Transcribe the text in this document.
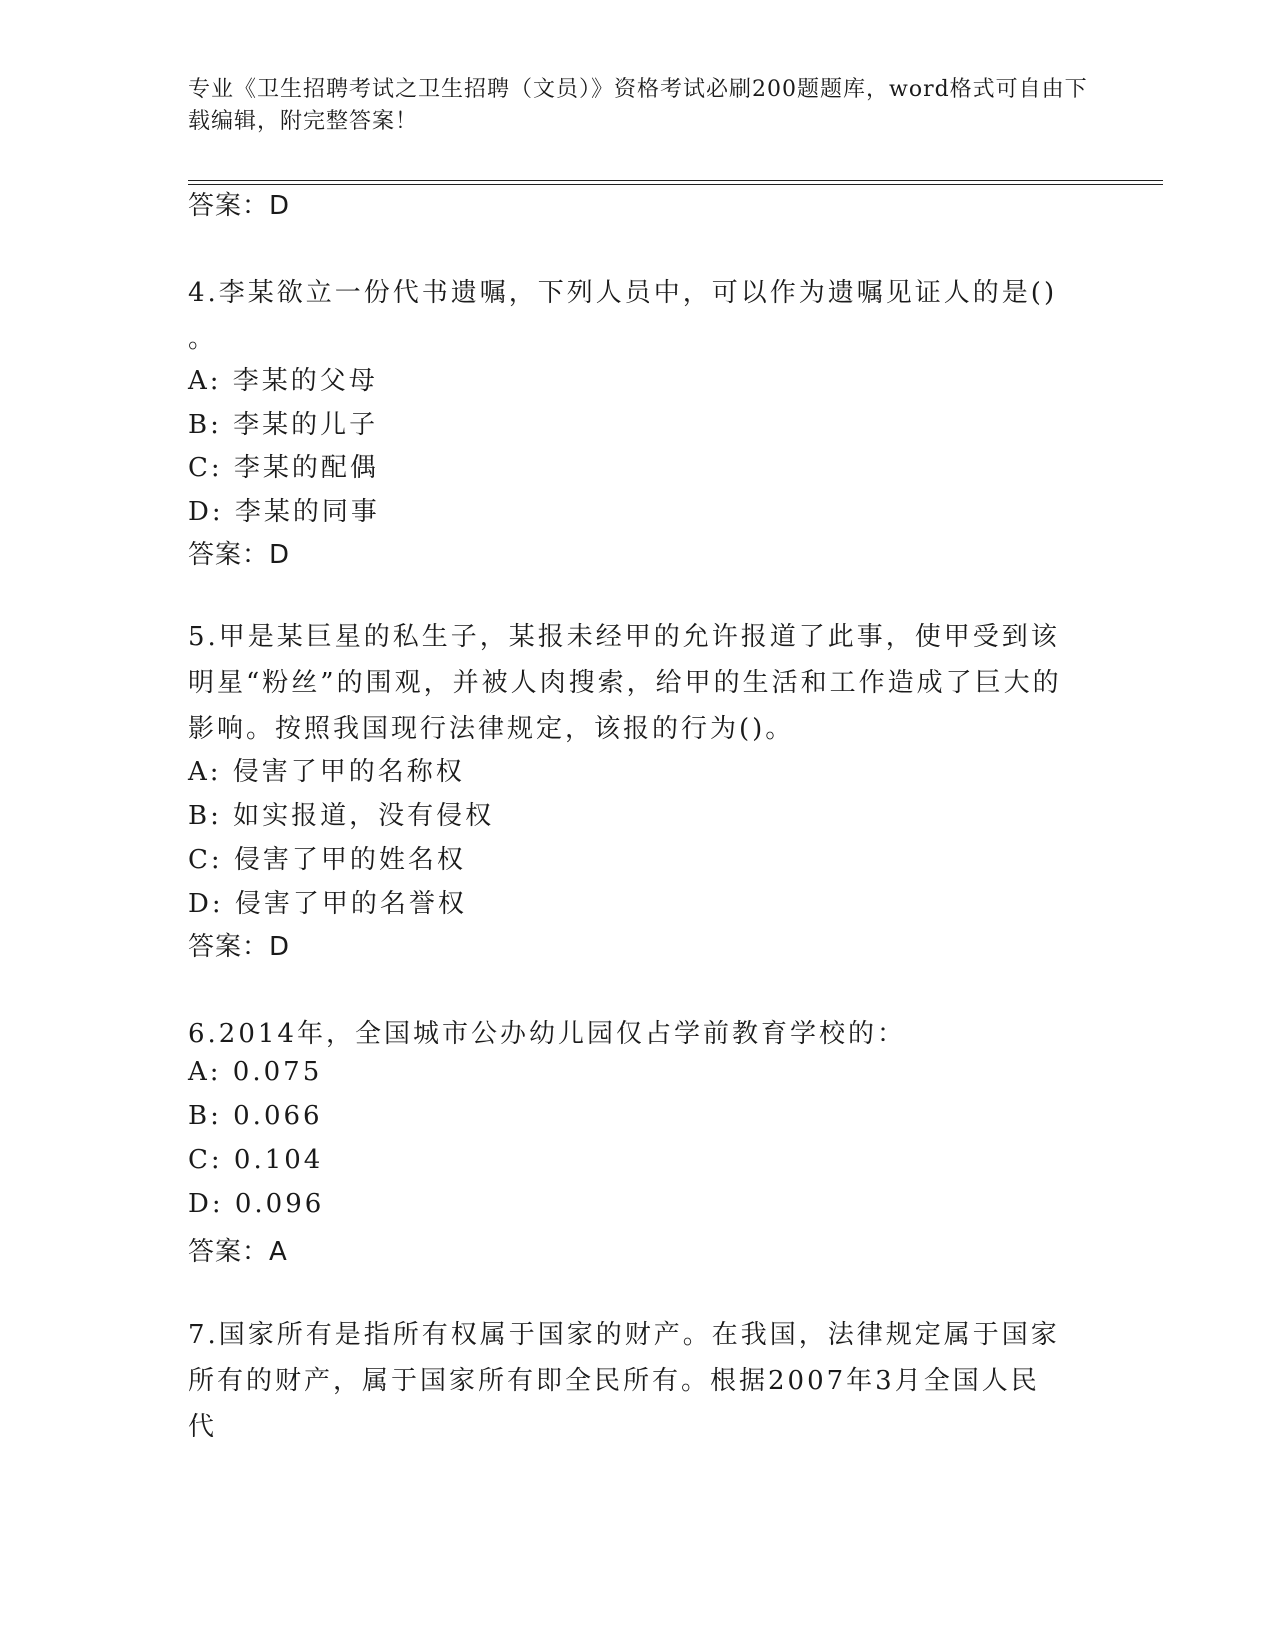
专业《卫生招聘考试之卫生招聘（文员）》资格考试必刷200题题库，word格式可自由下载编辑，附完整答案！
答案：D
4.李某欲立一份代书遗嘱，下列人员中，可以作为遗嘱见证人的是()
。
A: 李某的父母
B: 李某的儿子
C: 李某的配偶
D: 李某的同事
答案：D
5.甲是某巨星的私生子，某报未经甲的允许报道了此事，使甲受到该明星“粉丝”的围观，并被人肉搜索，给甲的生活和工作造成了巨大的影响。按照我国现行法律规定，该报的行为()。
A: 侵害了甲的名称权
B: 如实报道，没有侵权
C: 侵害了甲的姓名权
D: 侵害了甲的名誉权
答案：D
6.2014年，全国城市公办幼儿园仅占学前教育学校的：
A: 0.075
B: 0.066
C: 0.104
D: 0.096
答案：A
7.国家所有是指所有权属于国家的财产。在我国，法律规定属于国家所有的财产，属于国家所有即全民所有。根据2007年3月全国人民代
